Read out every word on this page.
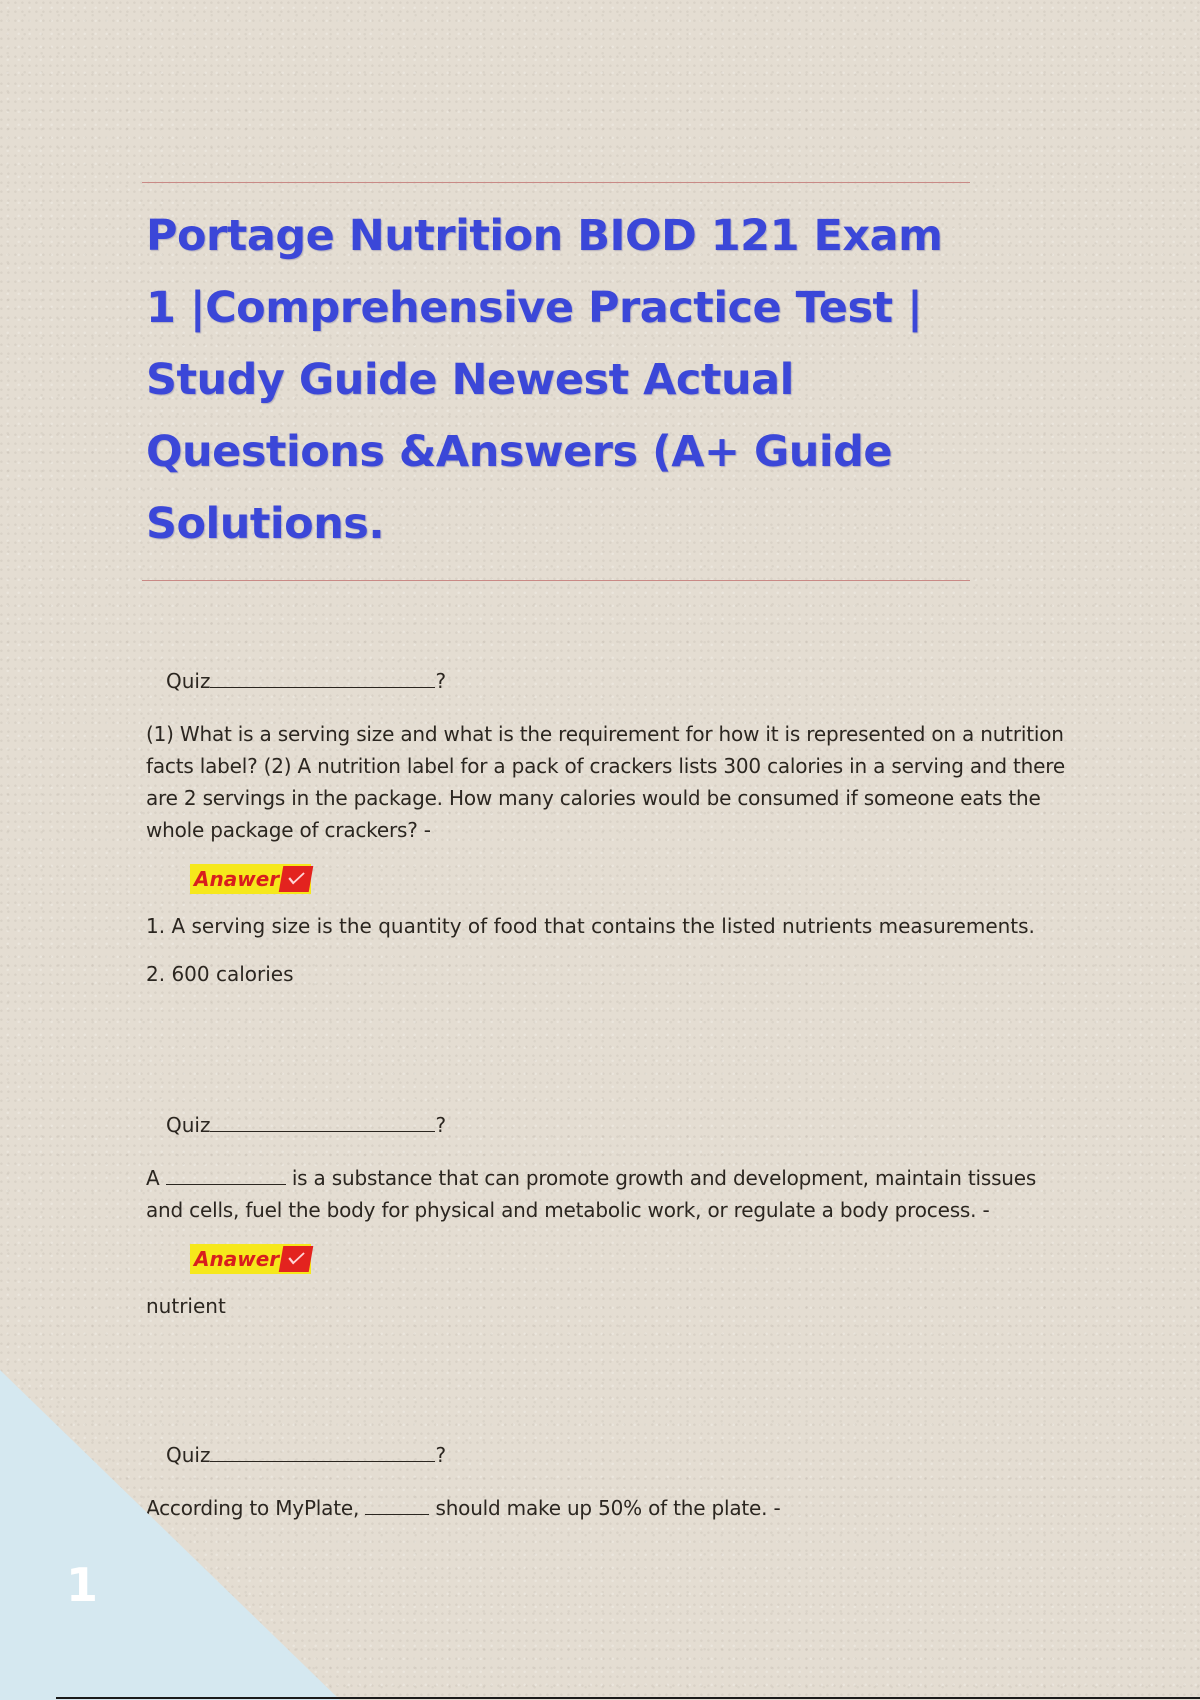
Portage Nutrition BIOD 121 Exam 1 |Comprehensive Practice Test | Study Guide Newest Actual Questions &Answers (A+ Guide Solutions.
Quiz	?
(1) What is a serving size and what is the requirement for how it is represented on a nutrition facts label? (2) A nutrition label for a pack of crackers lists 300 calories in a serving and there are 2 servings in the package. How many calories would be consumed if someone eats the whole package of crackers? -
Anawer

1. A serving size is the quantity of food that contains the listed nutrients measurements.

2. 600 calories

Quiz	?
A	is a substance that can promote growth and development, maintain tissues and cells, fuel the body for physical and metabolic work, or regulate a body process. -
Anawer

nutrient

Quiz	?
According to MyPlate,	should make up 50% of the plate. -
1
